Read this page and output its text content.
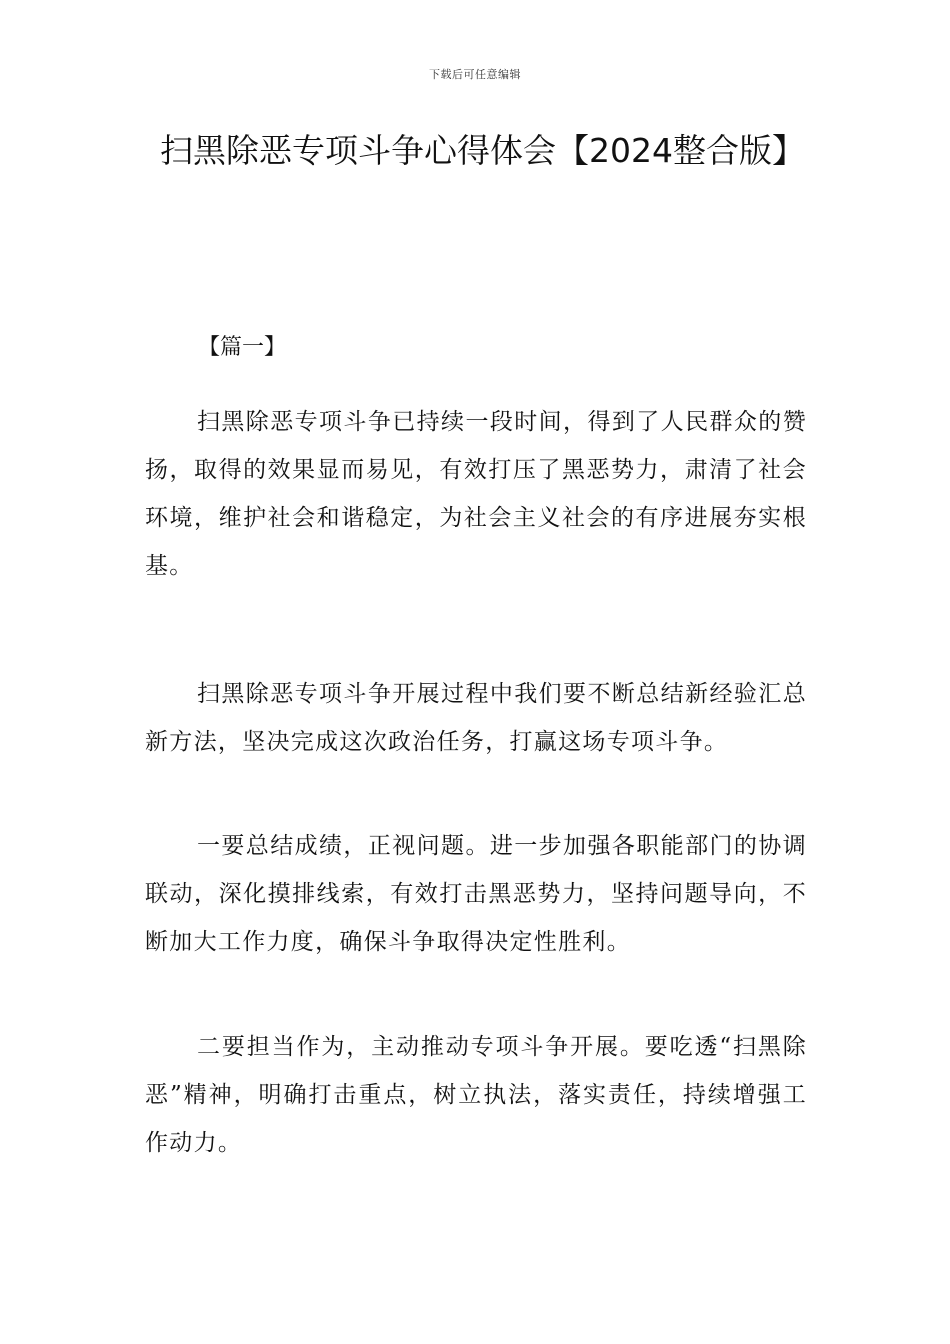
下载后可任意编辑
扫黑除恶专项斗争心得体会【2024整合版】

【篇一】

扫黑除恶专项斗争已持续一段时间，得到了人民群众的赞扬，取得的效果显而易见，有效打压了黑恶势力，肃清了社会环境，维护社会和谐稳定，为社会主义社会的有序进展夯实根基。

扫黑除恶专项斗争开展过程中我们要不断总结新经验汇总新方法，坚决完成这次政治任务，打赢这场专项斗争。

一要总结成绩，正视问题。进一步加强各职能部门的协调联动，深化摸排线索，有效打击黑恶势力，坚持问题导向，不断加大工作力度，确保斗争取得决定性胜利。

二要担当作为，主动推动专项斗争开展。要吃透“扫黑除恶”精神，明确打击重点，树立执法，落实责任，持续增强工作动力。
